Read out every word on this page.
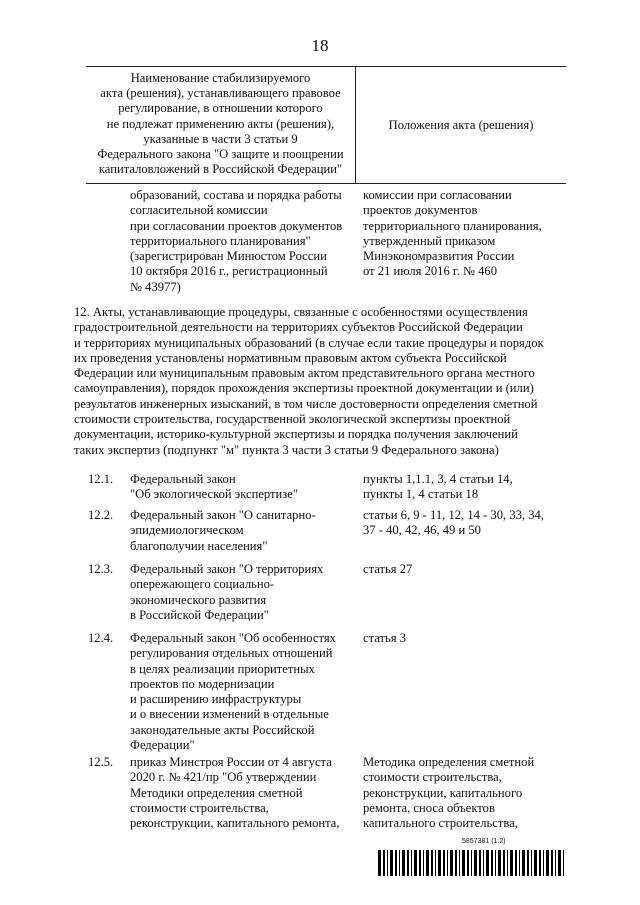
18
Наименование стабилизируемого
акта (решения), устанавливающего правовое
регулирование, в отношении которого
не подлежат применению акты (решения),
указанные в части 3 статьи 9
Федерального закона "О защите и поощрении
капиталовложений в Российской Федерации"
Положения акта (решения)
образований, состава и порядка работы
согласительной комиссии
при согласовании проектов документов
территориального планирования"
(зарегистрирован Минюстом России
10 октября 2016 г., регистрационный
№ 43977)
комиссии при согласовании
проектов документов
территориального планирования,
утвержденный приказом
Минэкономразвития России
от 21 июля 2016 г. № 460
12. Акты, устанавливающие процедуры, связанные с особенностями осуществления
градостроительной деятельности на территориях субъектов Российской Федерации
и территориях муниципальных образований (в случае если такие процедуры и порядок
их проведения установлены нормативным правовым актом субъекта Российской
Федерации или муниципальным правовым актом представительного органа местного
самоуправления), порядок прохождения экспертизы проектной документации и (или)
результатов инженерных изысканий, в том числе достоверности определения сметной
стоимости строительства, государственной экологической экспертизы проектной
документации, историко-культурной экспертизы и порядка получения заключений
таких экспертиз (подпункт "м" пункта 3 части 3 статьи 9 Федерального закона)
12.1. Федеральный закон
"Об экологической экспертизе"
пункты 1,1.1, 3, 4 статьи 14,
пункты 1, 4 статьи 18
12.2. Федеральный закон "О санитарно-
эпидемиологическом
благополучии населения"
статьи 6, 9 - 11, 12, 14 - 30, 33, 34,
37 - 40, 42, 46, 49 и 50
12.3. Федеральный закон "О территориях
опережающего социально-
экономического развития
в Российской Федерации"
статья 27
12.4. Федеральный закон "Об особенностях
регулирования отдельных отношений
в целях реализации приоритетных
проектов по модернизации
и расширению инфраструктуры
и о внесении изменений в отдельные
законодательные акты Российской
Федерации"
статья 3
12.5. приказ Минстроя России от 4 августа
2020 г. № 421/пр "Об утверждении
Методики определения сметной
стоимости строительства,
реконструкции, капитального ремонта,
Методика определения сметной
стоимости строительства,
реконструкции, капитального
ремонта, сноса объектов
капитального строительства,
5857381 (1.2)
